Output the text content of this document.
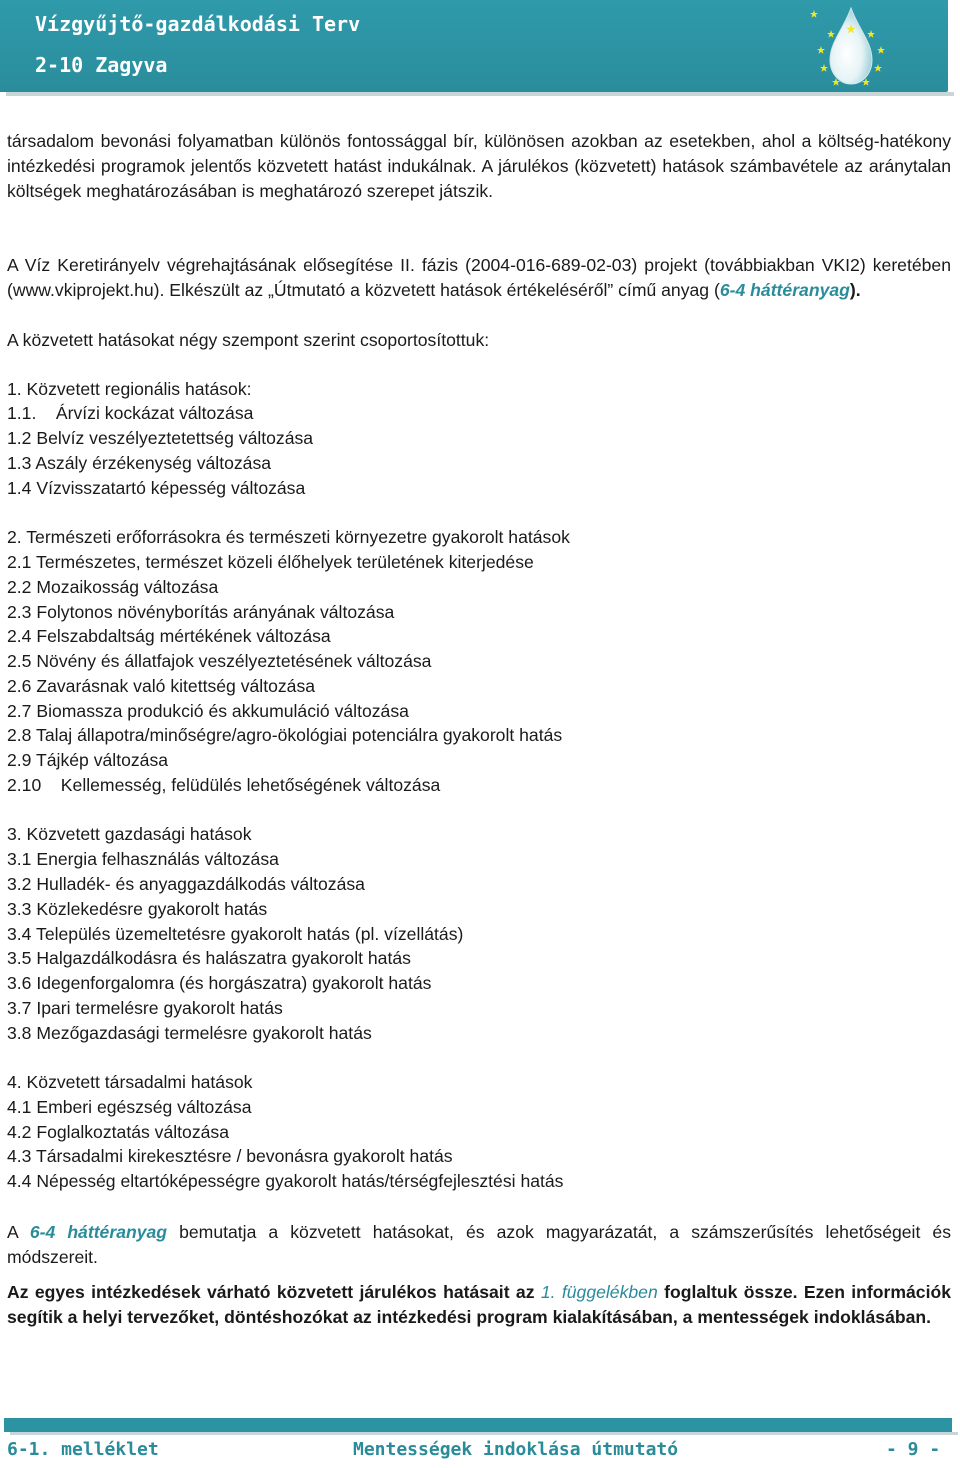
Vízgyűjtő-gazdálkodási Terv
2-10 Zagyva

társadalom bevonási folyamatban különös fontossággal bír, különösen azokban az esetekben, ahol a költség-hatékony intézkedési programok jelentős közvetett hatást indukálnak. A járulékos (közvetett) hatások számbavétele az aránytalan költségek meghatározásában is meghatározó szerepet játszik.

A Víz Keretirányelv végrehajtásának elősegítése II. fázis (2004-016-689-02-03) projekt (továbbiakban VKI2) keretében (www.vkiprojekt.hu). Elkészült az „Útmutató a közvetett hatások értékeléséről” című anyag (6-4 háttéranyag).

A közvetett hatásokat négy szempont szerint csoportosítottuk:

1. Közvetett regionális hatások:

1.1.    Árvízi kockázat változása

1.2 Belvíz veszélyeztetettség változása

1.3 Aszály érzékenység változása

1.4 Vízvisszatartó képesség változása

2. Természeti erőforrásokra és természeti környezetre gyakorolt hatások

2.1 Természetes, természet közeli élőhelyek területének kiterjedése

2.2 Mozaikosság változása

2.3 Folytonos növényborítás arányának változása

2.4 Felszabdaltság mértékének változása

2.5 Növény és állatfajok veszélyeztetésének változása

2.6 Zavarásnak való kitettség változása

2.7 Biomassza produkció és akkumuláció változása

2.8 Talaj állapotra/minőségre/agro-ökológiai potenciálra gyakorolt hatás

2.9 Tájkép változása

2.10    Kellemesség, felüdülés lehetőségének változása

3. Közvetett gazdasági hatások

3.1 Energia felhasználás változása

3.2 Hulladék- és anyaggazdálkodás változása

3.3 Közlekedésre gyakorolt hatás

3.4 Település üzemeltetésre gyakorolt hatás (pl. vízellátás)

3.5 Halgazdálkodásra és halászatra gyakorolt hatás

3.6 Idegenforgalomra (és horgászatra) gyakorolt hatás

3.7 Ipari termelésre gyakorolt hatás

3.8 Mezőgazdasági termelésre gyakorolt hatás

4. Közvetett társadalmi hatások

4.1 Emberi egészség változása

4.2 Foglalkoztatás változása

4.3 Társadalmi kirekesztésre / bevonásra gyakorolt hatás

4.4 Népesség eltartóképességre gyakorolt hatás/térségfejlesztési hatás

A 6-4 háttéranyag bemutatja a közvetett hatásokat, és azok magyarázatát, a számszerűsítés lehetőségeit és módszereit.

Az egyes intézkedések várható közvetett járulékos hatásait az 1. függelékben foglaltuk össze. Ezen információk segítik a helyi tervezőket, döntéshozókat az intézkedési program kialakításában, a mentességek indoklásában.

6-1. melléklet	Mentességek indoklása útmutató	- 9 -
